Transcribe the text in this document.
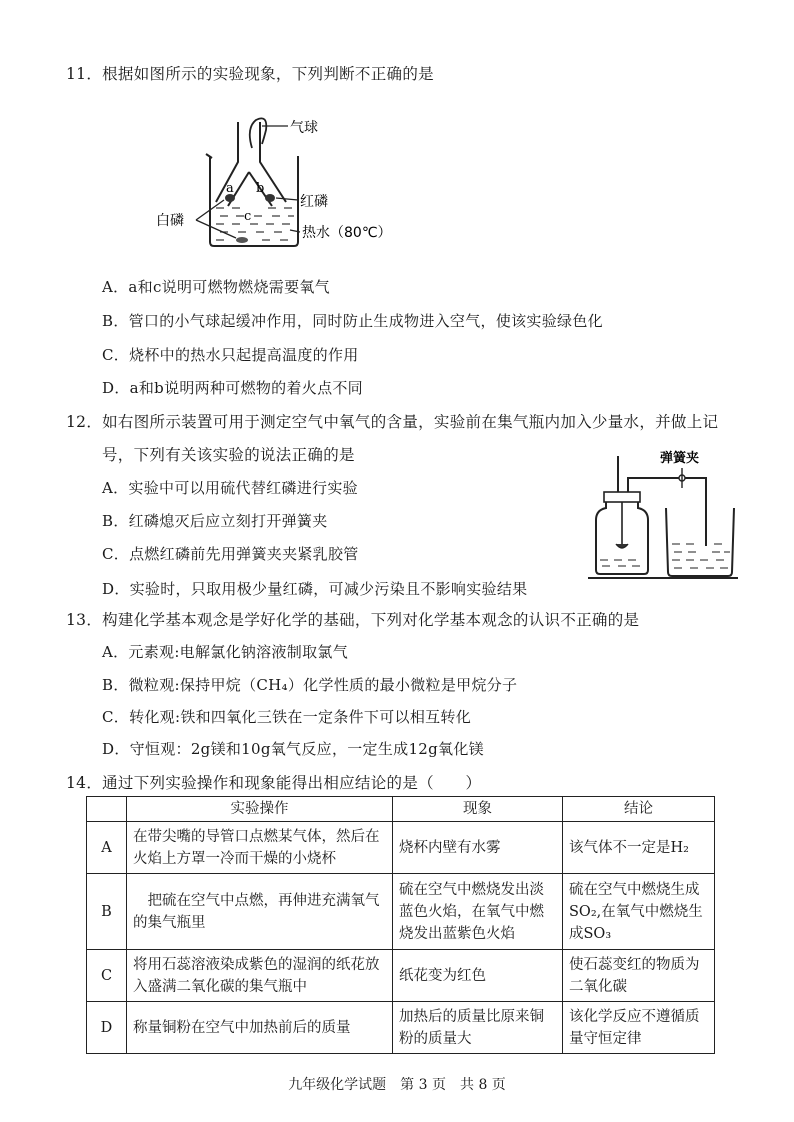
11．根据如图所示的实验现象，下列判断不正确的是
a b
c
气球
红磷
热水（80℃）
白磷
A．a和c说明可燃物燃烧需要氧气
B．管口的小气球起缓冲作用，同时防止生成物进入空气，使该实验绿色化
C．烧杯中的热水只起提高温度的作用
D．a和b说明两种可燃物的着火点不同
12．如右图所示装置可用于测定空气中氧气的含量，实验前在集气瓶内加入少量水，并做上记
号，下列有关该实验的说法正确的是	弹簧夹
A．实验中可以用硫代替红磷进行实验
B．红磷熄灭后应立刻打开弹簧夹
C．点燃红磷前先用弹簧夹夹紧乳胶管
D．实验时，只取用极少量红磷，可减少污染且不影响实验结果
13．构建化学基本观念是学好化学的基础，下列对化学基本观念的认识不正确的是
A．元素观:电解氯化钠溶液制取氯气
B．微粒观:保持甲烷（CH₄）化学性质的最小微粒是甲烷分子
C．转化观:铁和四氧化三铁在一定条件下可以相互转化
D．守恒观：2g镁和10g氧气反应，一定生成12g氧化镁
14．通过下列实验操作和现象能得出相应结论的是（　　）
	实验操作	现象	结论
A	在带尖嘴的导管口点燃某气体，然后在火焰上方罩一冷而干燥的小烧杯	烧杯内壁有水雾	该气体不一定是H₂
B	　把硫在空气中点燃，再伸进充满氧气的集气瓶里	硫在空气中燃烧发出淡蓝色火焰，在氧气中燃烧发出蓝紫色火焰	硫在空气中燃烧生成SO₂,在氧气中燃烧生成SO₃
C	将用石蕊溶液染成紫色的湿润的纸花放入盛满二氧化碳的集气瓶中	纸花变为红色	使石蕊变红的物质为二氧化碳
D	称量铜粉在空气中加热前后的质量	加热后的质量比原来铜粉的质量大	该化学反应不遵循质量守恒定律
九年级化学试题　第 3 页　共 8 页
